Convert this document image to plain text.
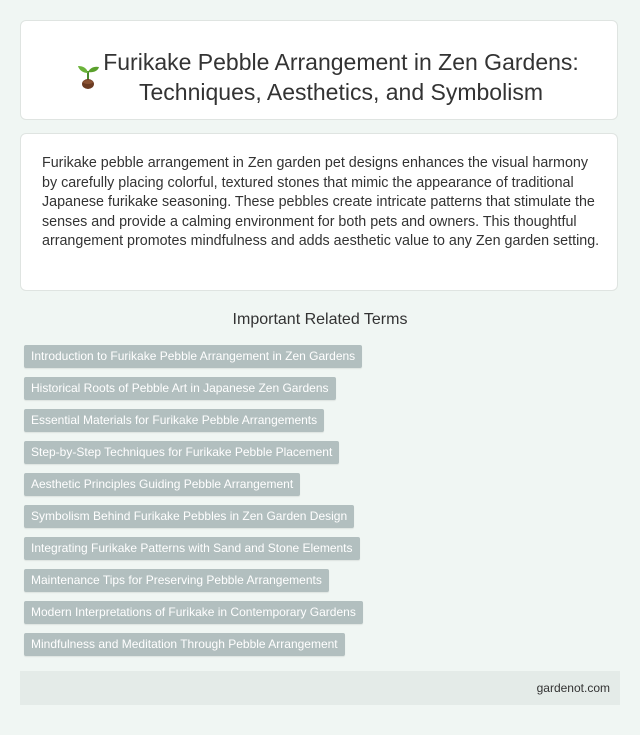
Furikake Pebble Arrangement in Zen Gardens: Techniques, Aesthetics, and Symbolism

Furikake pebble arrangement in Zen garden pet designs enhances the visual harmony by carefully placing colorful, textured stones that mimic the appearance of traditional Japanese furikake seasoning. These pebbles create intricate patterns that stimulate the senses and provide a calming environment for both pets and owners. This thoughtful arrangement promotes mindfulness and adds aesthetic value to any Zen garden setting.

Important Related Terms
Introduction to Furikake Pebble Arrangement in Zen Gardens
Historical Roots of Pebble Art in Japanese Zen Gardens
Essential Materials for Furikake Pebble Arrangements
Step-by-Step Techniques for Furikake Pebble Placement
Aesthetic Principles Guiding Pebble Arrangement
Symbolism Behind Furikake Pebbles in Zen Garden Design
Integrating Furikake Patterns with Sand and Stone Elements
Maintenance Tips for Preserving Pebble Arrangements
Modern Interpretations of Furikake in Contemporary Gardens
Mindfulness and Meditation Through Pebble Arrangement
gardenot.com
